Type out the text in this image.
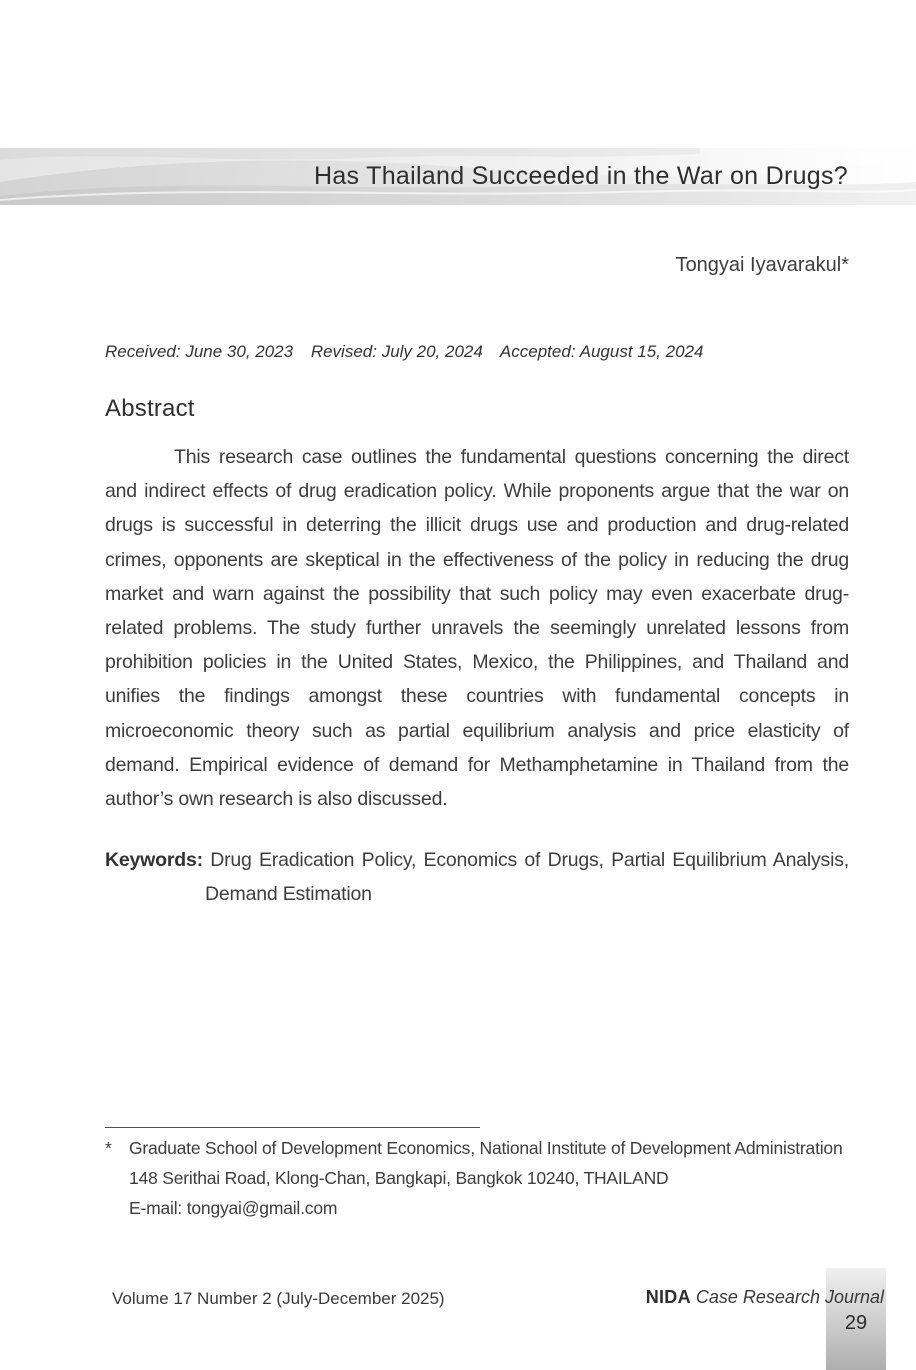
Has Thailand Succeeded in the War on Drugs?
Tongyai Iyavarakul*
Received: June 30, 2023 Revised: July 20, 2024 Accepted: August 15, 2024
Abstract

This research case outlines the fundamental questions concerning the direct and indirect effects of drug eradication policy. While proponents argue that the war on drugs is successful in deterring the illicit drugs use and production and drug-related crimes, opponents are skeptical in the effectiveness of the policy in reducing the drug market and warn against the possibility that such policy may even exacerbate drug-related problems. The study further unravels the seemingly unrelated lessons from prohibition policies in the United States, Mexico, the Philippines, and Thailand and unifies the findings amongst these countries with fundamental concepts in microeconomic theory such as partial equilibrium analysis and price elasticity of demand. Empirical evidence of demand for Methamphetamine in Thailand from the author’s own research is also discussed.

Keywords: Drug Eradication Policy, Economics of Drugs, Partial Equilibrium Analysis, Demand Estimation
* Graduate School of Development Economics, National Institute of Development Administration
148 Serithai Road, Klong-Chan, Bangkapi, Bangkok 10240, THAILAND
E-mail: tongyai@gmail.com
Volume 17 Number 2 (July-December 2025)	NIDA Case Research Journal
29
